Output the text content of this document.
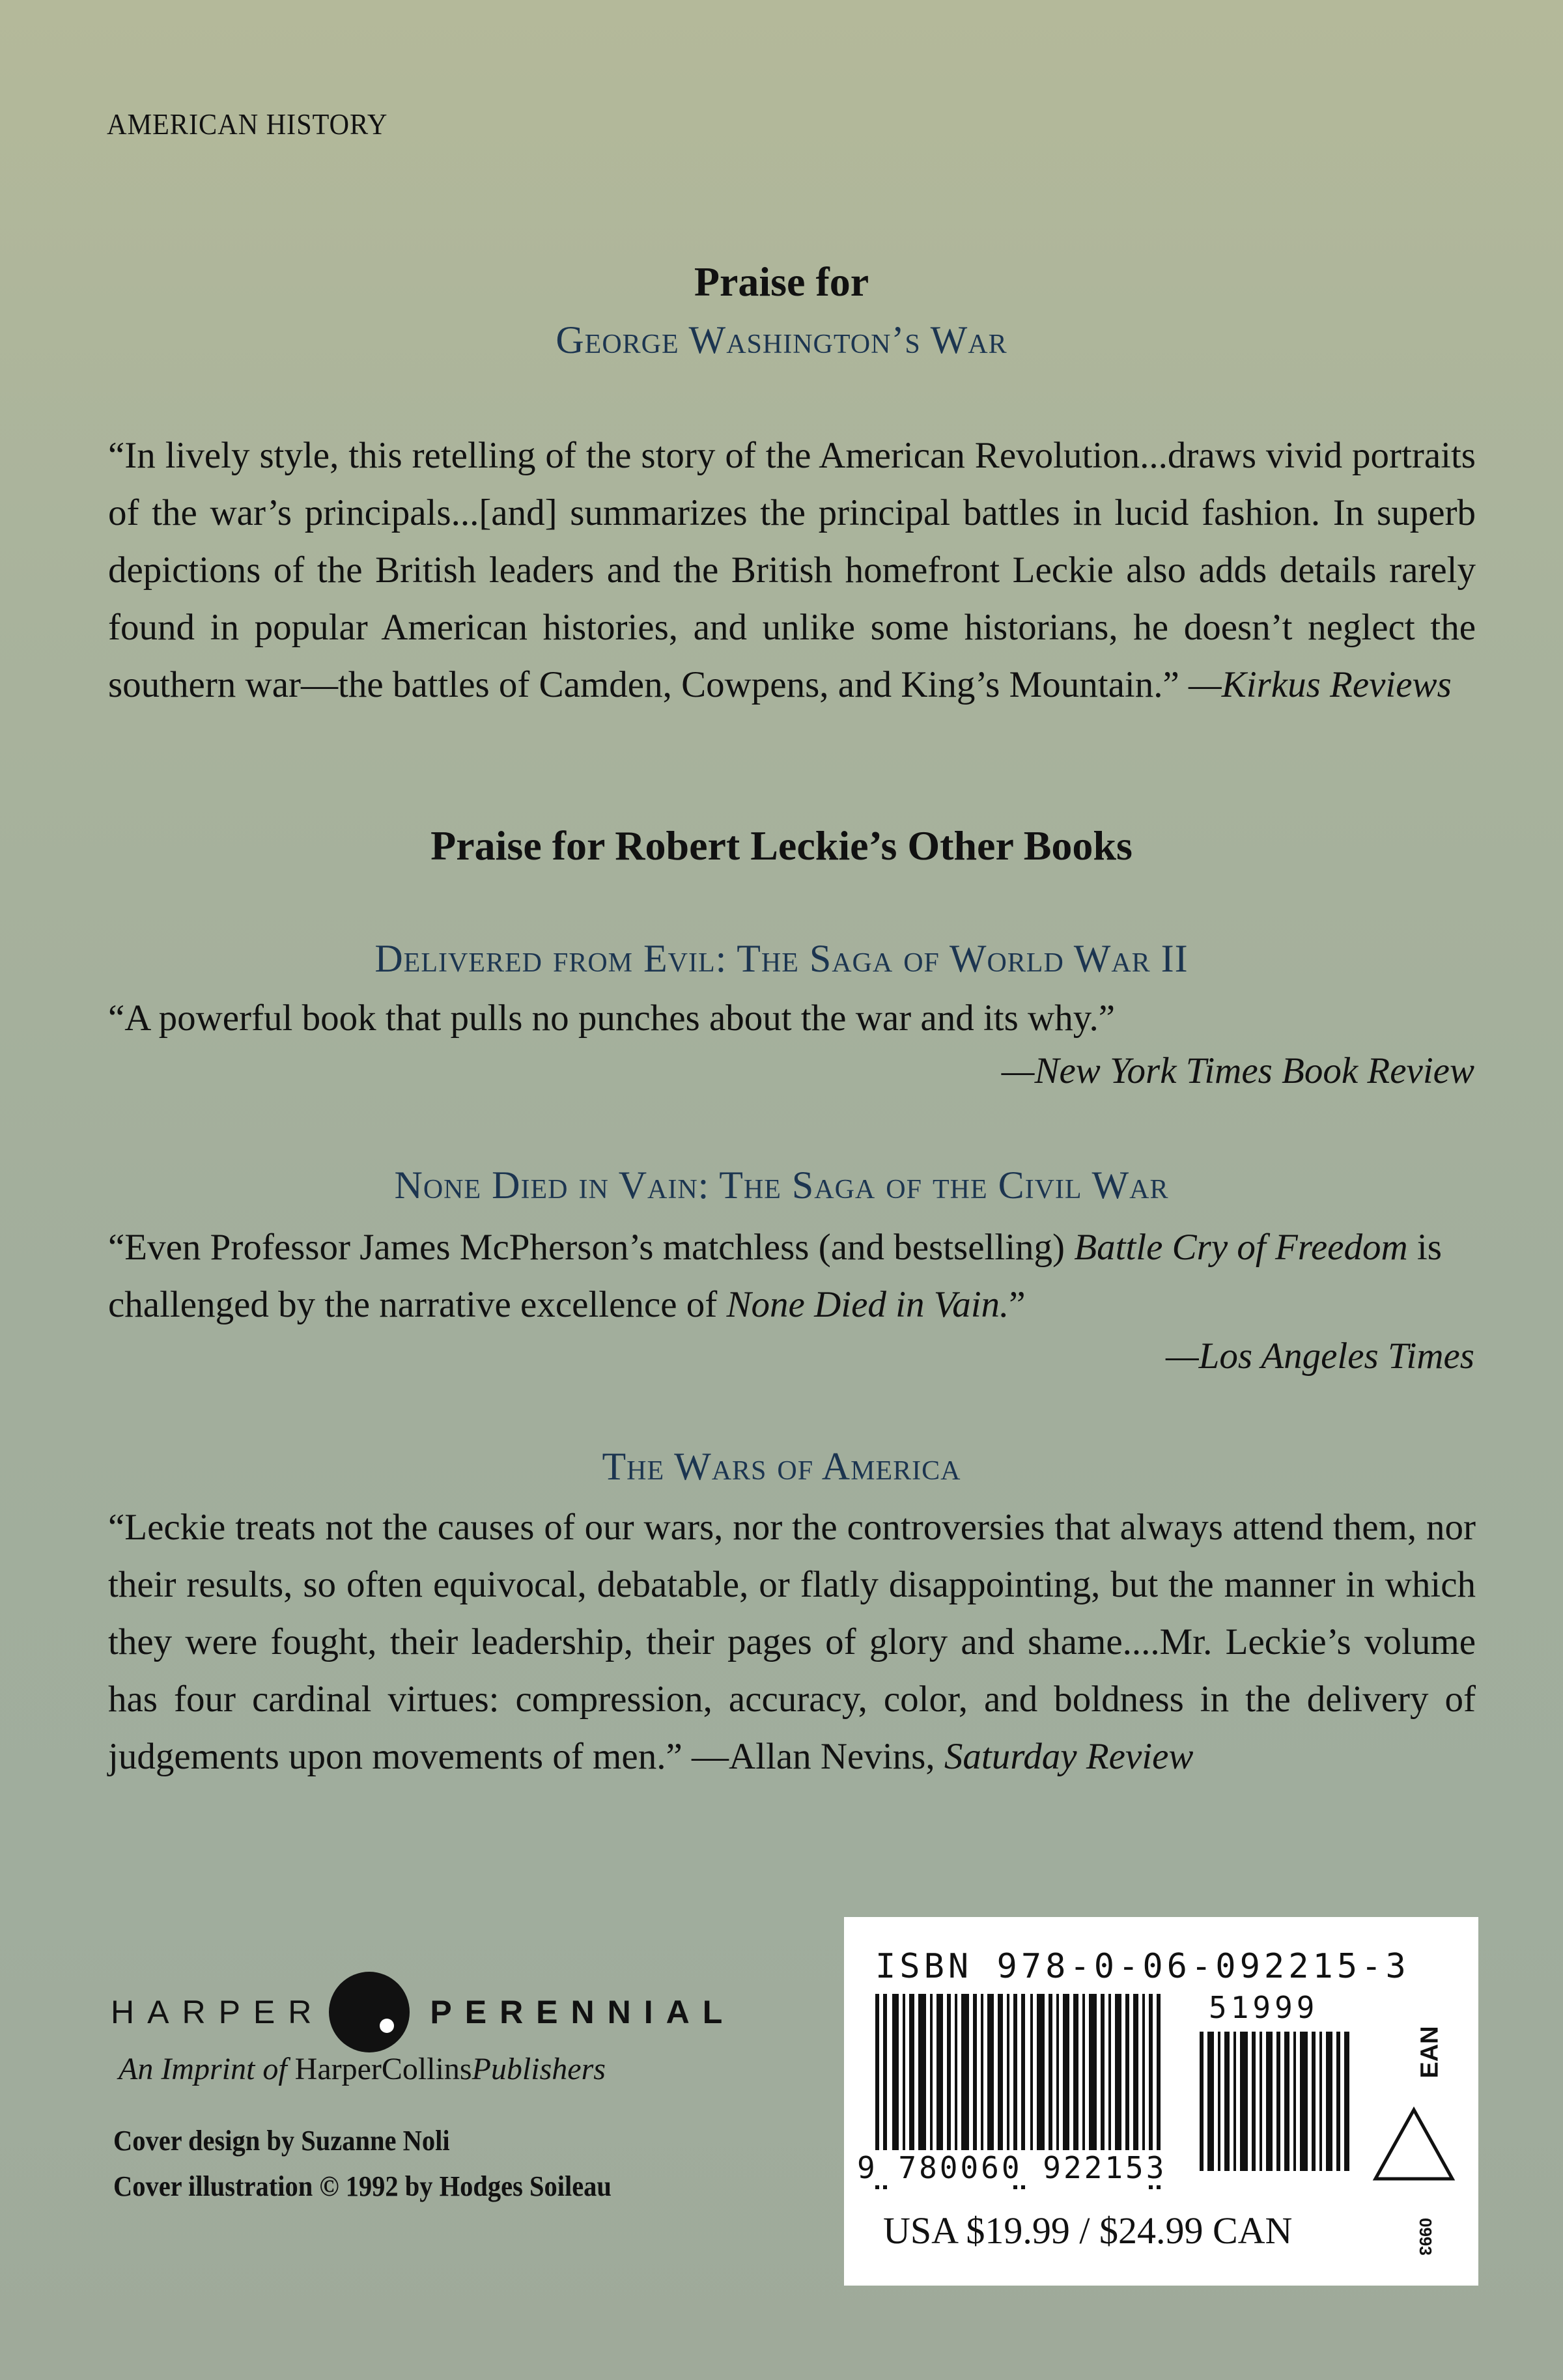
AMERICAN HISTORY
Praise for
George Washington’s War
“In lively style, this retelling of the story of the American Revolution...draws vivid portraits of the war’s principals...[and] summarizes the principal battles in lucid fashion. In superb depictions of the British leaders and the British homefront Leckie also adds details rarely found in popular American histories, and unlike some historians, he doesn’t neglect the southern war—the battles of Camden, Cowpens, and King’s Mountain.” —Kirkus Reviews
Praise for Robert Leckie’s Other Books
Delivered from Evil: The Saga of World War II
“A powerful book that pulls no punches about the war and its why.”
—New York Times Book Review
None Died in Vain: The Saga of the Civil War
“Even Professor James McPherson’s matchless (and bestselling) Battle Cry of Freedom is challenged by the narrative excellence of None Died in Vain.”
—Los Angeles Times
The Wars of America
“Leckie treats not the causes of our wars, nor the controversies that always attend them, nor their results, so often equivocal, debatable, or flatly disappointing, but the manner in which they were fought, their leadership, their pages of glory and shame....Mr. Leckie’s volume has four cardinal virtues: compression, accuracy, color, and boldness in the delivery of judgements upon movements of men.” —Allan Nevins, Saturday Review
HARPER	PERENNIAL
An Imprint of HarperCollinsPublishers
Cover design by Suzanne Noli
Cover illustration © 1992 by Hodges Soileau
ISBN 978-0-06-092215-3
51999
9 780060 922153
EAN
USA $19.99 / $24.99 CAN	0993
